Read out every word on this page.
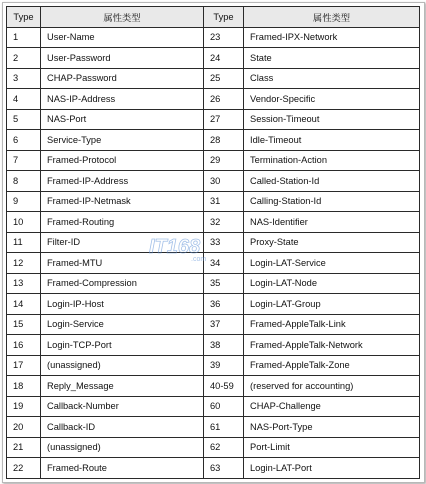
Type	属性类型	Type	属性类型
1	User-Name	23	Framed-IPX-Network
2	User-Password	24	State
3	CHAP-Password	25	Class
4	NAS-IP-Address	26	Vendor-Specific
5	NAS-Port	27	Session-Timeout
6	Service-Type	28	Idle-Timeout
7	Framed-Protocol	29	Termination-Action
8	Framed-IP-Address	30	Called-Station-Id
9	Framed-IP-Netmask	31	Calling-Station-Id
10	Framed-Routing	32	NAS-Identifier
11	Filter-ID	33	Proxy-State
12	Framed-MTU	34	Login-LAT-Service
13	Framed-Compression	35	Login-LAT-Node
14	Login-IP-Host	36	Login-LAT-Group
15	Login-Service	37	Framed-AppleTalk-Link
16	Login-TCP-Port	38	Framed-AppleTalk-Network
17	(unassigned)	39	Framed-AppleTalk-Zone
18	Reply_Message	40-59	(reserved for accounting)
19	Callback-Number	60	CHAP-Challenge
20	Callback-ID	61	NAS-Port-Type
21	(unassigned)	62	Port-Limit
22	Framed-Route	63	Login-LAT-Port
IT168
.com
